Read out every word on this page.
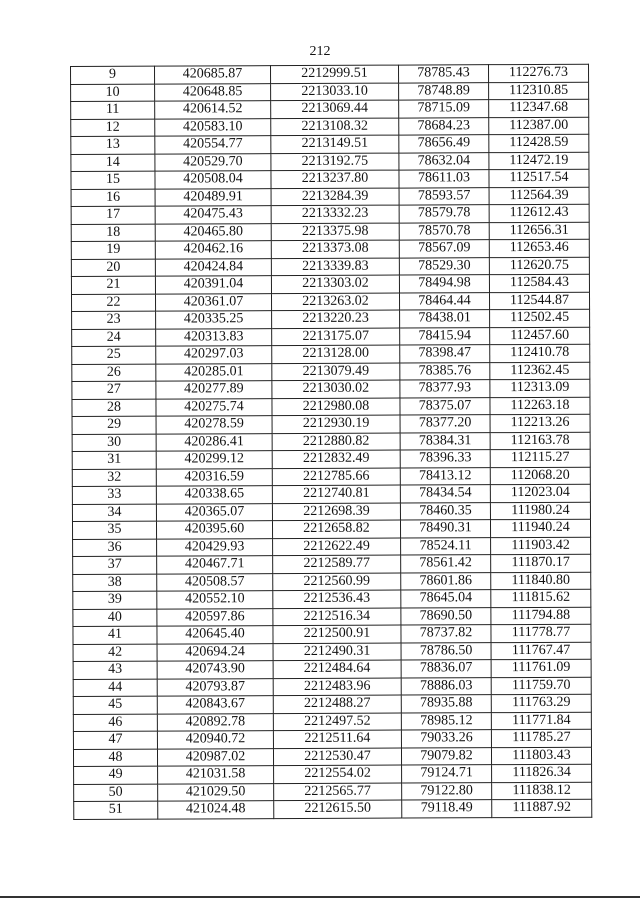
212
9	420685.87	2212999.51	78785.43	112276.73
10	420648.85	2213033.10	78748.89	112310.85
11	420614.52	2213069.44	78715.09	112347.68
12	420583.10	2213108.32	78684.23	112387.00
13	420554.77	2213149.51	78656.49	112428.59
14	420529.70	2213192.75	78632.04	112472.19
15	420508.04	2213237.80	78611.03	112517.54
16	420489.91	2213284.39	78593.57	112564.39
17	420475.43	2213332.23	78579.78	112612.43
18	420465.80	2213375.98	78570.78	112656.31
19	420462.16	2213373.08	78567.09	112653.46
20	420424.84	2213339.83	78529.30	112620.75
21	420391.04	2213303.02	78494.98	112584.43
22	420361.07	2213263.02	78464.44	112544.87
23	420335.25	2213220.23	78438.01	112502.45
24	420313.83	2213175.07	78415.94	112457.60
25	420297.03	2213128.00	78398.47	112410.78
26	420285.01	2213079.49	78385.76	112362.45
27	420277.89	2213030.02	78377.93	112313.09
28	420275.74	2212980.08	78375.07	112263.18
29	420278.59	2212930.19	78377.20	112213.26
30	420286.41	2212880.82	78384.31	112163.78
31	420299.12	2212832.49	78396.33	112115.27
32	420316.59	2212785.66	78413.12	112068.20
33	420338.65	2212740.81	78434.54	112023.04
34	420365.07	2212698.39	78460.35	111980.24
35	420395.60	2212658.82	78490.31	111940.24
36	420429.93	2212622.49	78524.11	111903.42
37	420467.71	2212589.77	78561.42	111870.17
38	420508.57	2212560.99	78601.86	111840.80
39	420552.10	2212536.43	78645.04	111815.62
40	420597.86	2212516.34	78690.50	111794.88
41	420645.40	2212500.91	78737.82	111778.77
42	420694.24	2212490.31	78786.50	111767.47
43	420743.90	2212484.64	78836.07	111761.09
44	420793.87	2212483.96	78886.03	111759.70
45	420843.67	2212488.27	78935.88	111763.29
46	420892.78	2212497.52	78985.12	111771.84
47	420940.72	2212511.64	79033.26	111785.27
48	420987.02	2212530.47	79079.82	111803.43
49	421031.58	2212554.02	79124.71	111826.34
50	421029.50	2212565.77	79122.80	111838.12
51	421024.48	2212615.50	79118.49	111887.92
